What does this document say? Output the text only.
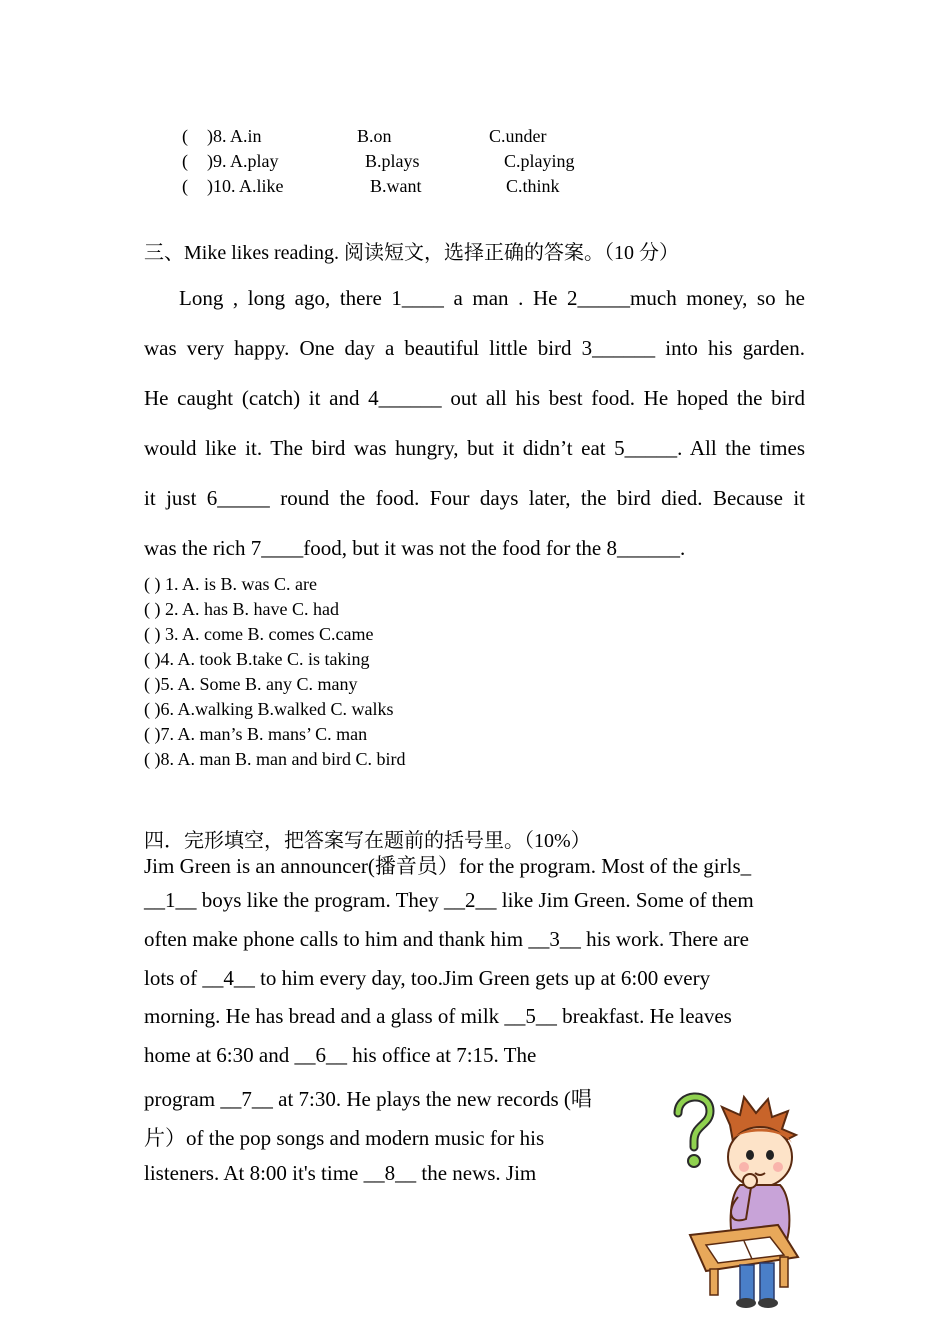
( )8. A.in	B.on	C.under
( )9. A.play	B.plays	C.playing
( )10. A.like	B.want	C.think
三、Mike likes reading. 阅读短文，选择正确的答案。（10 分）
Long , long ago, there 1____ a man . He 2_____much money, so he
was very happy. One day a beautiful little bird 3______ into his garden.
He caught (catch) it and 4______ out all his best food. He hoped the bird
would like it. The bird was hungry, but it didn’t eat 5_____. All the times
it just 6_____ round the food. Four days later, the bird died. Because it
was the rich 7____food, but it was not the food for the 8______.
( ) 1. A. is B. was C. are
( ) 2. A. has B. have C. had
( ) 3. A. come B. comes C.came
( )4. A. took B.take C. is taking
( )5. A. Some B. any C. many
( )6. A.walking B.walked C. walks
( )7. A. man’s B. mans’ C. man
( )8. A. man B. man and bird C. bird
四．完形填空，把答案写在题前的括号里。（10%）
Jim Green is an announcer(播音员）for the program. Most of the girls_
__1__ boys like the program. They __2__ like Jim Green. Some of them
often make phone calls to him and thank him __3__ his work. There are
lots of __4__ to him every day, too.Jim Green gets up at 6:00 every
morning. He has bread and a glass of milk __5__ breakfast. He leaves
home at 6:30 and __6__ his office at 7:15. The
program __7__ at 7:30. He plays the new records (唱
片）of the pop songs and modern music for his
listeners. At 8:00 it's time __8__ the news. Jim
